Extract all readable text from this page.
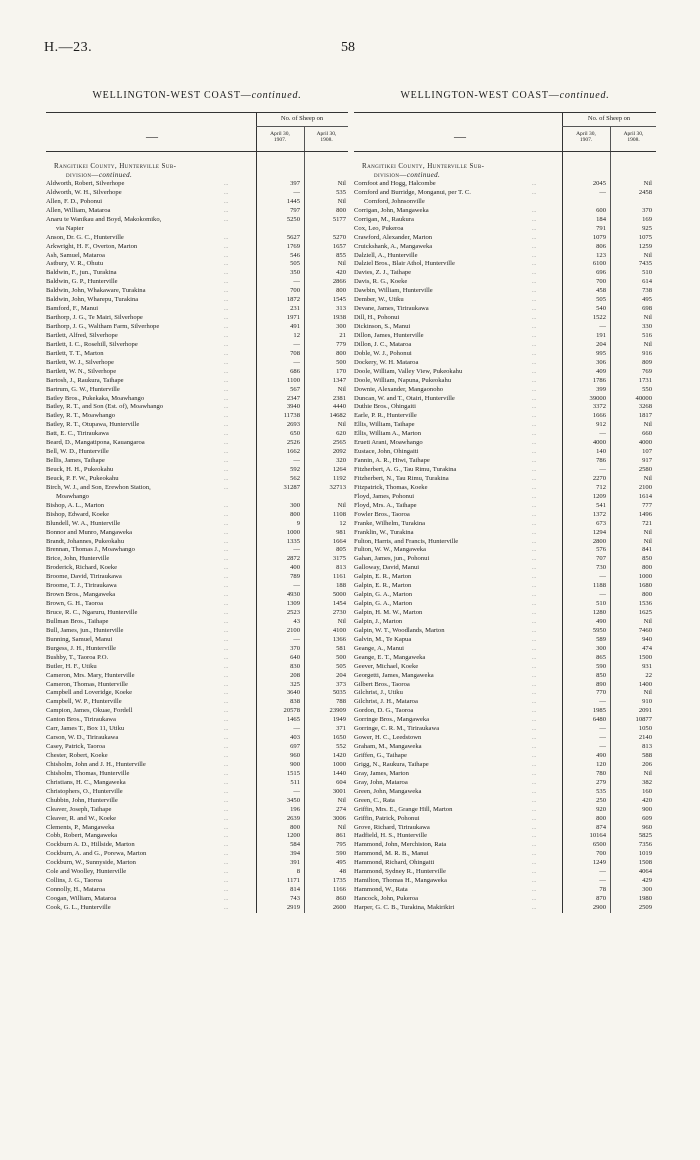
H.—23.	58
WELLINGTON-WEST COAST—continued.
—
No. of Sheep on
April 30,
1907.
April 30,
1908.
Rangitikei County, Hunterville Sub-
division—continued.
Aldworth, Robert, Silverhope	...	397	Nil
Aldworth, W. H., Silverhope	...	—	535
Allen, F. D., Pohonui	...	1445	Nil
Allen, William, Mataroa	...	797	800
Anaru te Wanikau and Boyd, Makokomiko,	...	5250	5177
via Napier
Anson, Dr. G. C., Hunterville	...	5627	5270
Arkwright, H. F., Overton, Marton	...	1769	1657
Ash, Samuel, Mataroa	...	546	855
Astbury, V. R., Ohutu	...	505	Nil
Baldwin, F., jun., Turakina	...	350	420
Baldwin, G. P., Hunterville	...	—	2866
Baldwin, John, Whakaware, Turakina	...	700	800
Baldwin, John, Wharepu, Turakina	...	1872	1545
Bamford, F., Manui	...	231	313
Barthorp, J. G., Te Mairi, Silverhope	...	1971	1938
Barthorp, J. G., Waltham Farm, Silverhope	...	491	300
Bartlett, Alfred, Silverhope	...	12	21
Bartlett, I. C., Rosehill, Silverhope	...	—	779
Bartlett, T. T., Marton	...	708	800
Bartlett, W. J., Silverhope	...	—	500
Bartlett, W. N., Silverhope	...	686	170
Bartosh, J., Raukura, Taihape	...	1100	1347
Bartrum, G. W., Hunterville	...	567	Nil
Batley Bros., Pukekaka, Moawhango	...	2347	2381
Batley, R. T., and Son (Est. of), Moawhango	...	3940	4440
Batley, R. T., Moawhango	...	11738	14682
Batley, R. T., Otupawa, Hunterville	...	2693	Nil
Batt, E. C., Tiriraukawa	...	650	620
Beard, D., Mangatipona, Kauangaroa	...	2526	2565
Bell, W. D., Hunterville	...	1662	2092
Bellis, James, Taihape	...	—	320
Beuck, H. H., Pukeokahu	...	592	1264
Beuck, P. F. W., Pukeokahu	...	562	1192
Birch, W. J., and Son, Erewhon Station,	...	31287	32713
Moawhango
Bishop, A. L., Marton	...	300	Nil
Bishop, Edward, Koeke	...	800	1108
Blundell, W. A., Hunterville	...	9	12
Bonnor and Munro, Mangaweka	...	1000	981
Brandt, Johannes, Pukeokahu	...	1335	1664
Brennan, Thomas J., Moawhango	...	—	805
Brice, John, Hunterville	...	2872	3175
Broderick, Richard, Koeke	...	400	813
Broome, David, Tiriraukawa	...	789	1161
Broome, T. J., Tiriraukawa	...	—	188
Brown Bros., Mangaweka	...	4930	5000
Brown, G. H., Taoroa	...	1309	1454
Bruce, R. C., Ngaruru, Hunterville	...	2523	2730
Bullman Bros., Taihape	...	43	Nil
Bull, James, jun., Hunterville	...	2100	4100
Bunning, Samuel, Manui	...	—	1366
Burgess, J. H., Hunterville	...	370	581
Bushby, T., Taoroa P.O.	...	640	500
Butler, H. F., Utiku	...	830	505
Cameron, Mrs. Mary, Hunterville	...	208	204
Cameron, Thomas, Hunterville	...	325	373
Campbell and Loveridge, Koeke	...	3640	5035
Campbell, W. P., Hunterville	...	838	788
Campion, James, Okuae, Fordell	...	20578	23909
Canton Bros., Tiriraukawa	...	1465	1949
Carr, James T., Box 11, Utiku	...	—	371
Carson, W. D., Tiriraukawa	...	403	1650
Casey, Patrick, Taoroa	...	697	552
Chester, Robert, Koeke	...	960	1420
Chisholm, John and J. H., Hunterville	...	900	1000
Chisholm, Thomas, Hunterville	...	1515	1440
Christians, H. C., Mangaweka	...	511	604
Christophers, O., Hunterville	...	—	3001
Chubbin, John, Hunterville	...	3450	Nil
Cleaver, Joseph, Taihape	...	196	274
Cleaver, R. and W., Koeke	...	2639	3006
Clements, P., Mangaweka	...	800	Nil
Cobb, Robert, Mangaweka	...	1200	861
Cockburn A. D., Hillside, Marton	...	584	795
Cockburn, A. and G., Porewa, Marton	...	394	590
Cockburn, W., Sunnyside, Marton	...	391	495
Cole and Woolley, Hunterville	...	8	48
Collins, J. G., Taoroa	...	1171	1735
Connolly, H., Mataroa	...	814	1166
Coogan, William, Mataroa	...	743	860
Cook, G. L., Hunterville	...	2919	2600
WELLINGTON-WEST COAST—continued.
—
No. of Sheep on
April 30,
1907.
April 30,
1908.
Rangitikei County, Hunterville Sub-
division—continued.
Cornfoot and Hogg, Halcombe	...	2045	Nil
Cornford and Burridge, Monganui, per T. C.	...	—	2458
Cornford, Johnsonville
Corrigan, John, Mangaweka	...	600	370
Corrigan, M., Raukura	...	184	169
Cox, Leo, Pukeroa	...	791	925
Crawford, Alexander, Marton	...	1079	1075
Cruickshank, A., Mangaweka	...	806	1259
Dalziell, A., Hunterville	...	123	Nil
Dalziel Bros., Blair Athol, Hunterville	...	6100	7435
Davies, Z. J., Taihape	...	696	510
Davis, R. G., Koeke	...	700	614
Dawbin, William, Hunterville	...	458	738
Dember, W., Utiku	...	505	495
Devane, James, Tiriraukawa	...	540	698
Dill, H., Pohonui	...	1522	Nil
Dickinson, S., Manui	...	—	330
Dillon, James, Hunterville	...	191	516
Dillon, J. C., Mataroa	...	204	Nil
Doble, W. J., Pohonui	...	995	916
Dockery, W. H. Mataroa	...	306	809
Doole, William, Valley View, Pukeokahu	...	409	769
Doole, William, Napuna, Pukeokahu	...	1786	1731
Downie, Alexander, Mangaonoho	...	399	550
Duncan, W. and T., Otairi, Hunterville	...	39000	40000
Duthie Bros., Ohingaiti	...	3372	3268
Earle, P. R., Hunterville	...	1666	1817
Ellis, William, Taihape	...	912	Nil
Ellis, William A., Marton	...	—	660
Erueti Arani, Moawhango	...	4000	4000
Eustace, John, Ohingaiti	...	140	107
Fannin, A. R., Hiwi, Taihape	...	786	917
Fitzherbert, A. G., Tau Rimu, Turakina	...	—	2580
Fitzherbert, N., Tau Rimu, Turakina	...	2270	Nil
Fitzpatrick, Thomas, Koeke	...	712	2100
Floyd, James, Pohonui	...	1209	1614
Floyd, Mrs. A., Taihape	...	541	777
Fowler Bros., Taoroa	...	1372	1496
Franke, Wilhelm, Turakina	...	673	721
Franklin, W., Turakina	...	1294	Nil
Fulton, Harris, and Francis, Hunterville	...	2800	Nil
Fulton, W. W., Mangaweka	...	576	841
Gahan, James, jun., Pohonui	...	707	850
Galloway, David, Manui	...	730	800
Galpin, E. R., Marton	...	—	1000
Galpin, E. R., Marton	...	1188	1680
Galpin, G. A., Marton	...	—	800
Galpin, G. A., Marton	...	510	1536
Galpin, H. M. W., Marton	...	1280	1625
Galpin, J., Marton	...	490	Nil
Galpin, W. T., Woodlands, Marton	...	5950	7460
Galvin, M., Te Kapua	...	589	940
Geange, A., Manui	...	300	474
Geange, E. T., Mangaweka	...	865	1500
Geever, Michael, Koeke	...	590	931
Georgetti, James, Mangaweka	...	850	22
Gilbert Bros., Taoroa	...	890	1400
Gilchrist, J., Utiku	...	770	Nil
Gilchrist, J. H., Mataroa	...	—	910
Gordon, D. G., Taoroa	...	1985	2091
Gorringe Bros., Mangaweka	...	6480	10877
Gorringe, C. R. M., Tiriraukawa	...	—	1050
Gower, H. C., Leedstown	...	—	2140
Graham, M., Mangaweka	...	—	813
Griffen, G., Taihape	...	490	588
Grigg, N., Raukura, Taihape	...	120	206
Gray, James, Marton	...	780	Nil
Gray, John, Mataroa	...	279	382
Green, John, Mangaweka	...	535	160
Green, C., Rata	...	250	420
Griffin, Mrs. E., Grange Hill, Marton	...	920	900
Griffin, Patrick, Pohonui	...	800	609
Grove, Richard, Tiriraukawa	...	874	960
Hadfield, H. S., Hunterville	...	10164	5825
Hammond, John, Merchiston, Rata	...	6500	7356
Hammond, M. R. B., Manui	...	700	1019
Hammond, Richard, Ohingaiti	...	1249	1508
Hammond, Sydney R., Hunterville	...	—	4064
Hamilton, Thomas H., Mangaweka	...	—	429
Hammond, W., Rata	...	78	300
Hancock, John, Pukeroa	...	870	1980
Harper, G. C. B., Turakina, Makirikiri	...	2900	2509
